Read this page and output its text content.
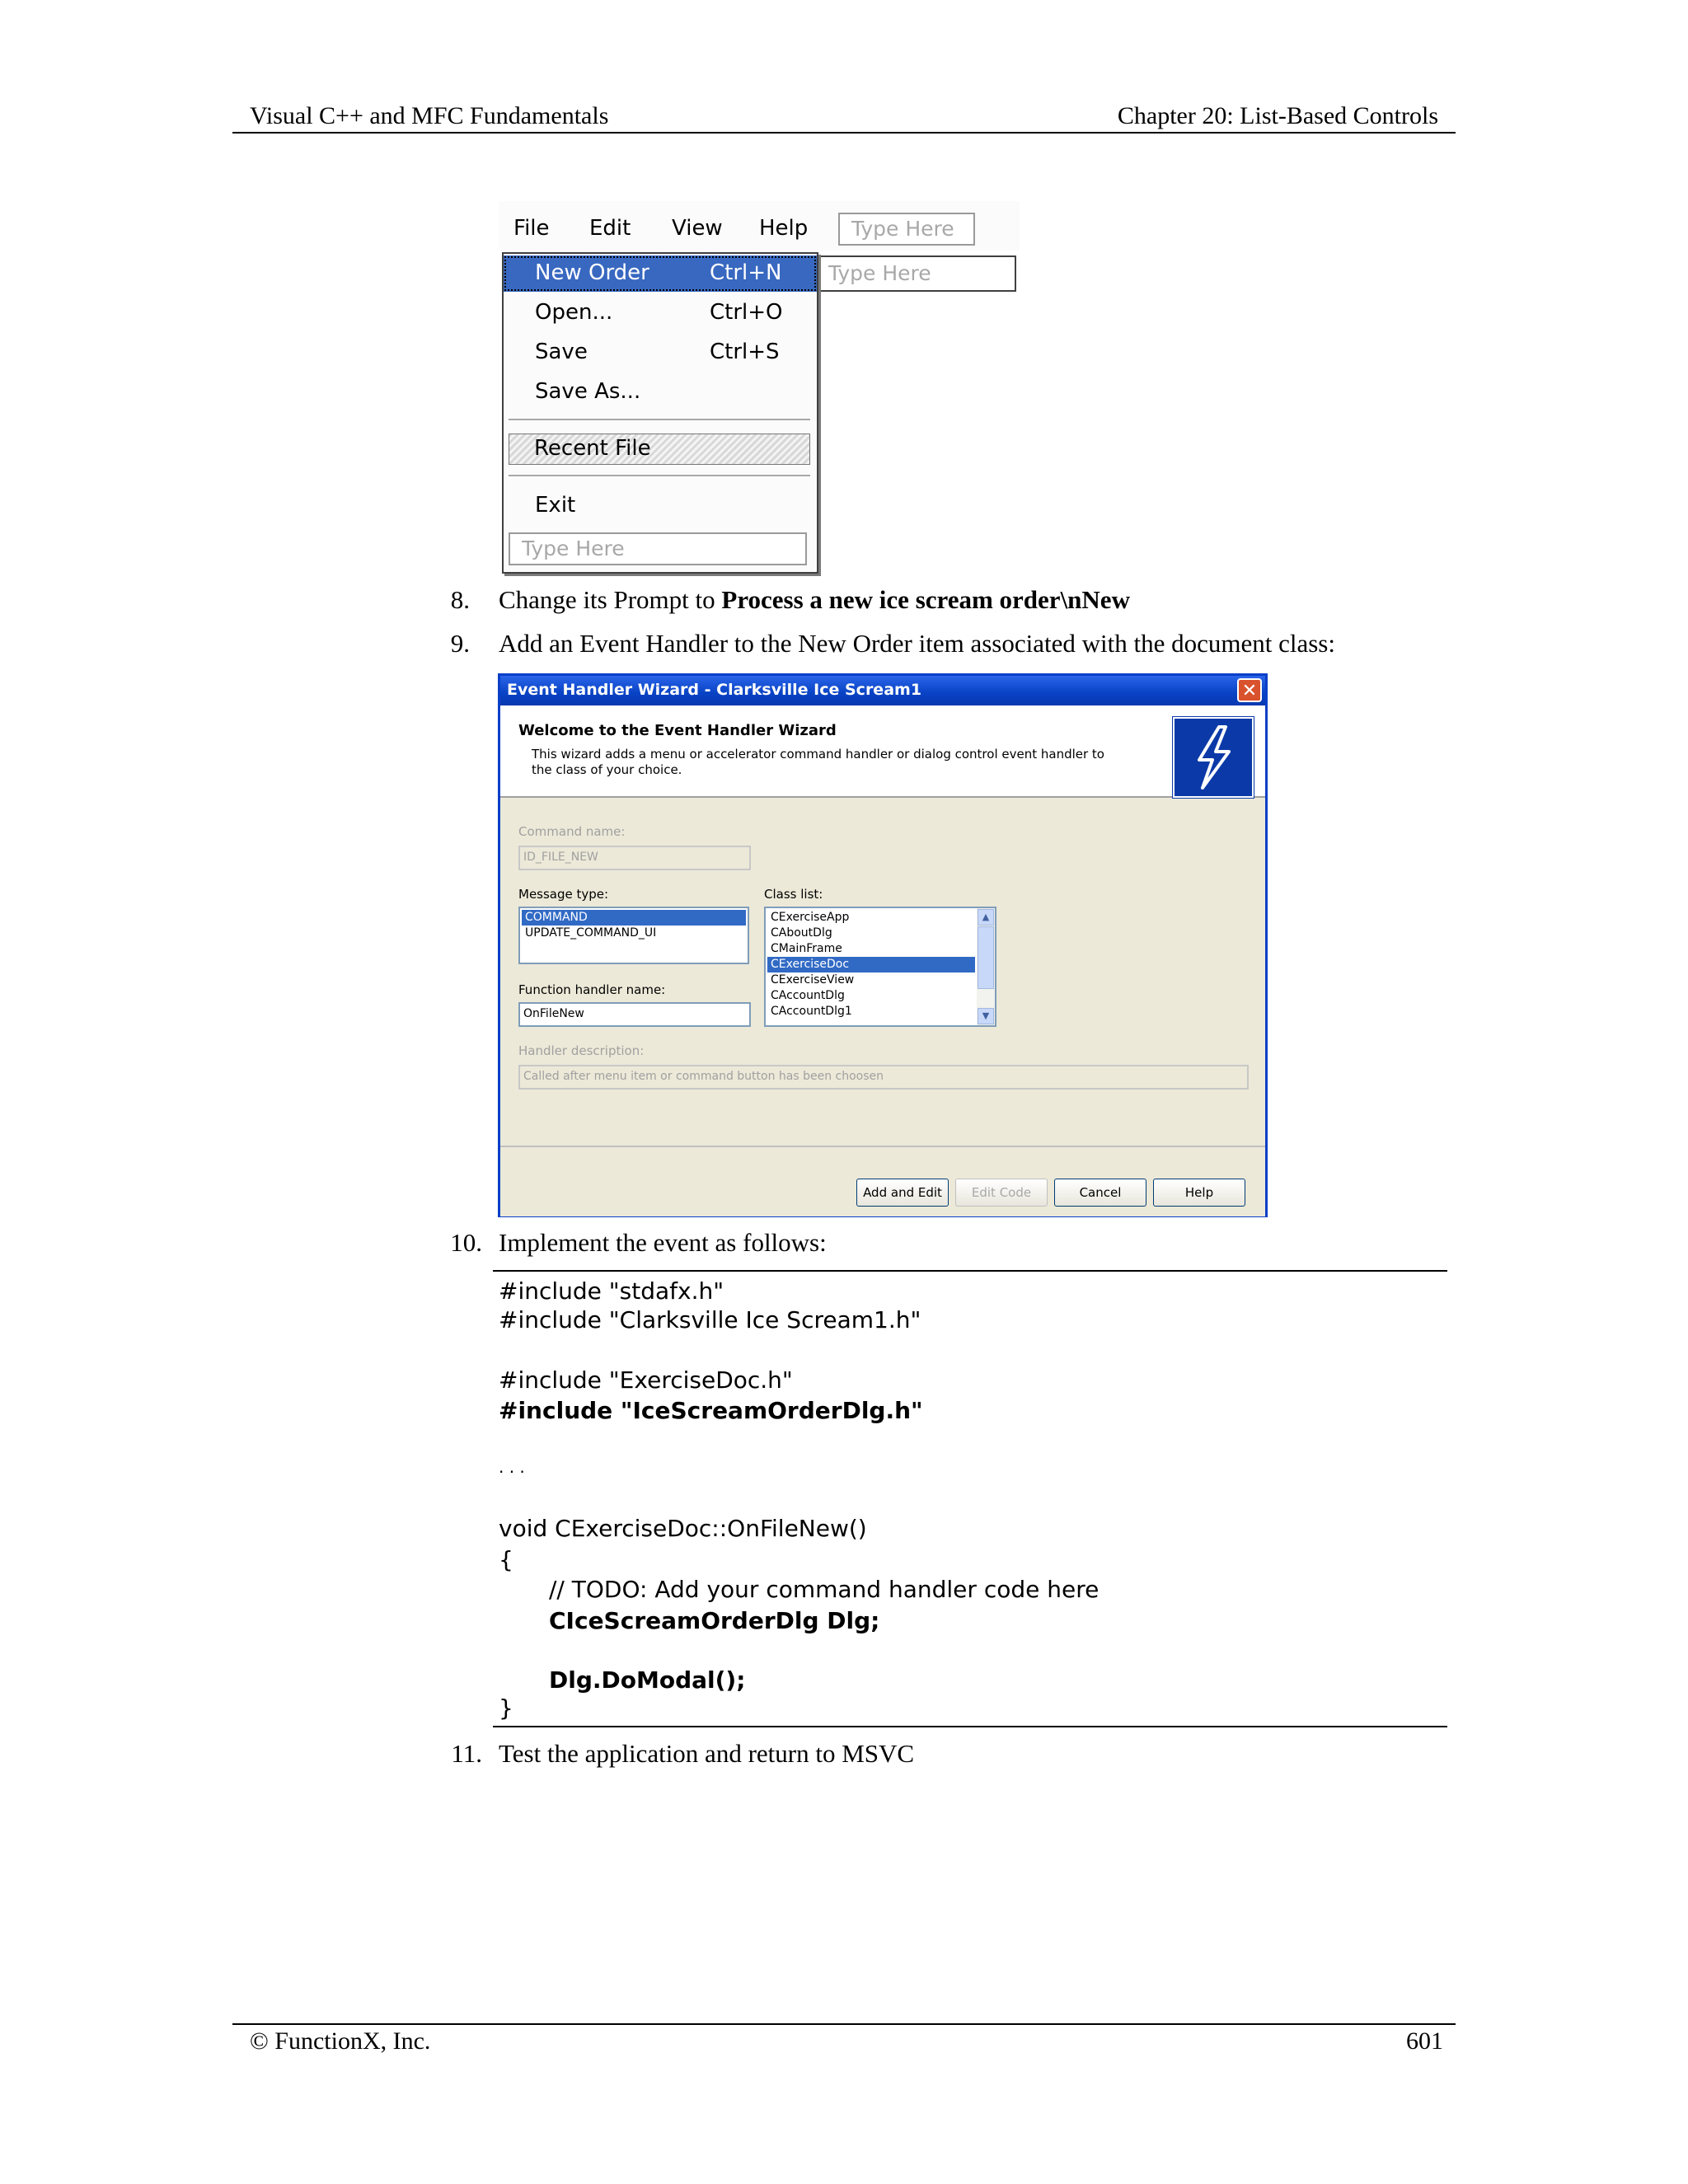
Visual C++ and MFC Fundamentals	Chapter 20: List-Based Controls
File Edit View Help	Type Here
Type Here
New Order	Ctrl+N
Open...	Ctrl+O
Save	Ctrl+S
Save As...
Recent File
Exit
Type Here
8. Change its Prompt to Process a new ice scream order\nNew
9. Add an Event Handler to the New Order item associated with the document class:
Event Handler Wizard - Clarksville Ice Scream1	✕
Welcome to the Event Handler Wizard
This wizard adds a menu or accelerator command handler or dialog control event handler to the class of your choice.
Command name:
ID_FILE_NEW
Message type:
COMMAND
UPDATE_COMMAND_UI
Class list:
CExerciseApp
CAboutDlg
CMainFrame
CExerciseDoc
CExerciseView
CAccountDlg
CAccountDlg1
▲
▼
Function handler name:
OnFileNew
Handler description:
Called after menu item or command button has been choosen
Add and Edit	Edit Code	Cancel	Help
10. Implement the event as follows:
#include "stdafx.h"
#include "Clarksville Ice Scream1.h"
#include "ExerciseDoc.h"
#include "IceScreamOrderDlg.h"
. . .
void CExerciseDoc::OnFileNew()
{
// TODO: Add your command handler code here
CIceScreamOrderDlg Dlg;
Dlg.DoModal();
}
11. Test the application and return to MSVC
© FunctionX, Inc.	601
